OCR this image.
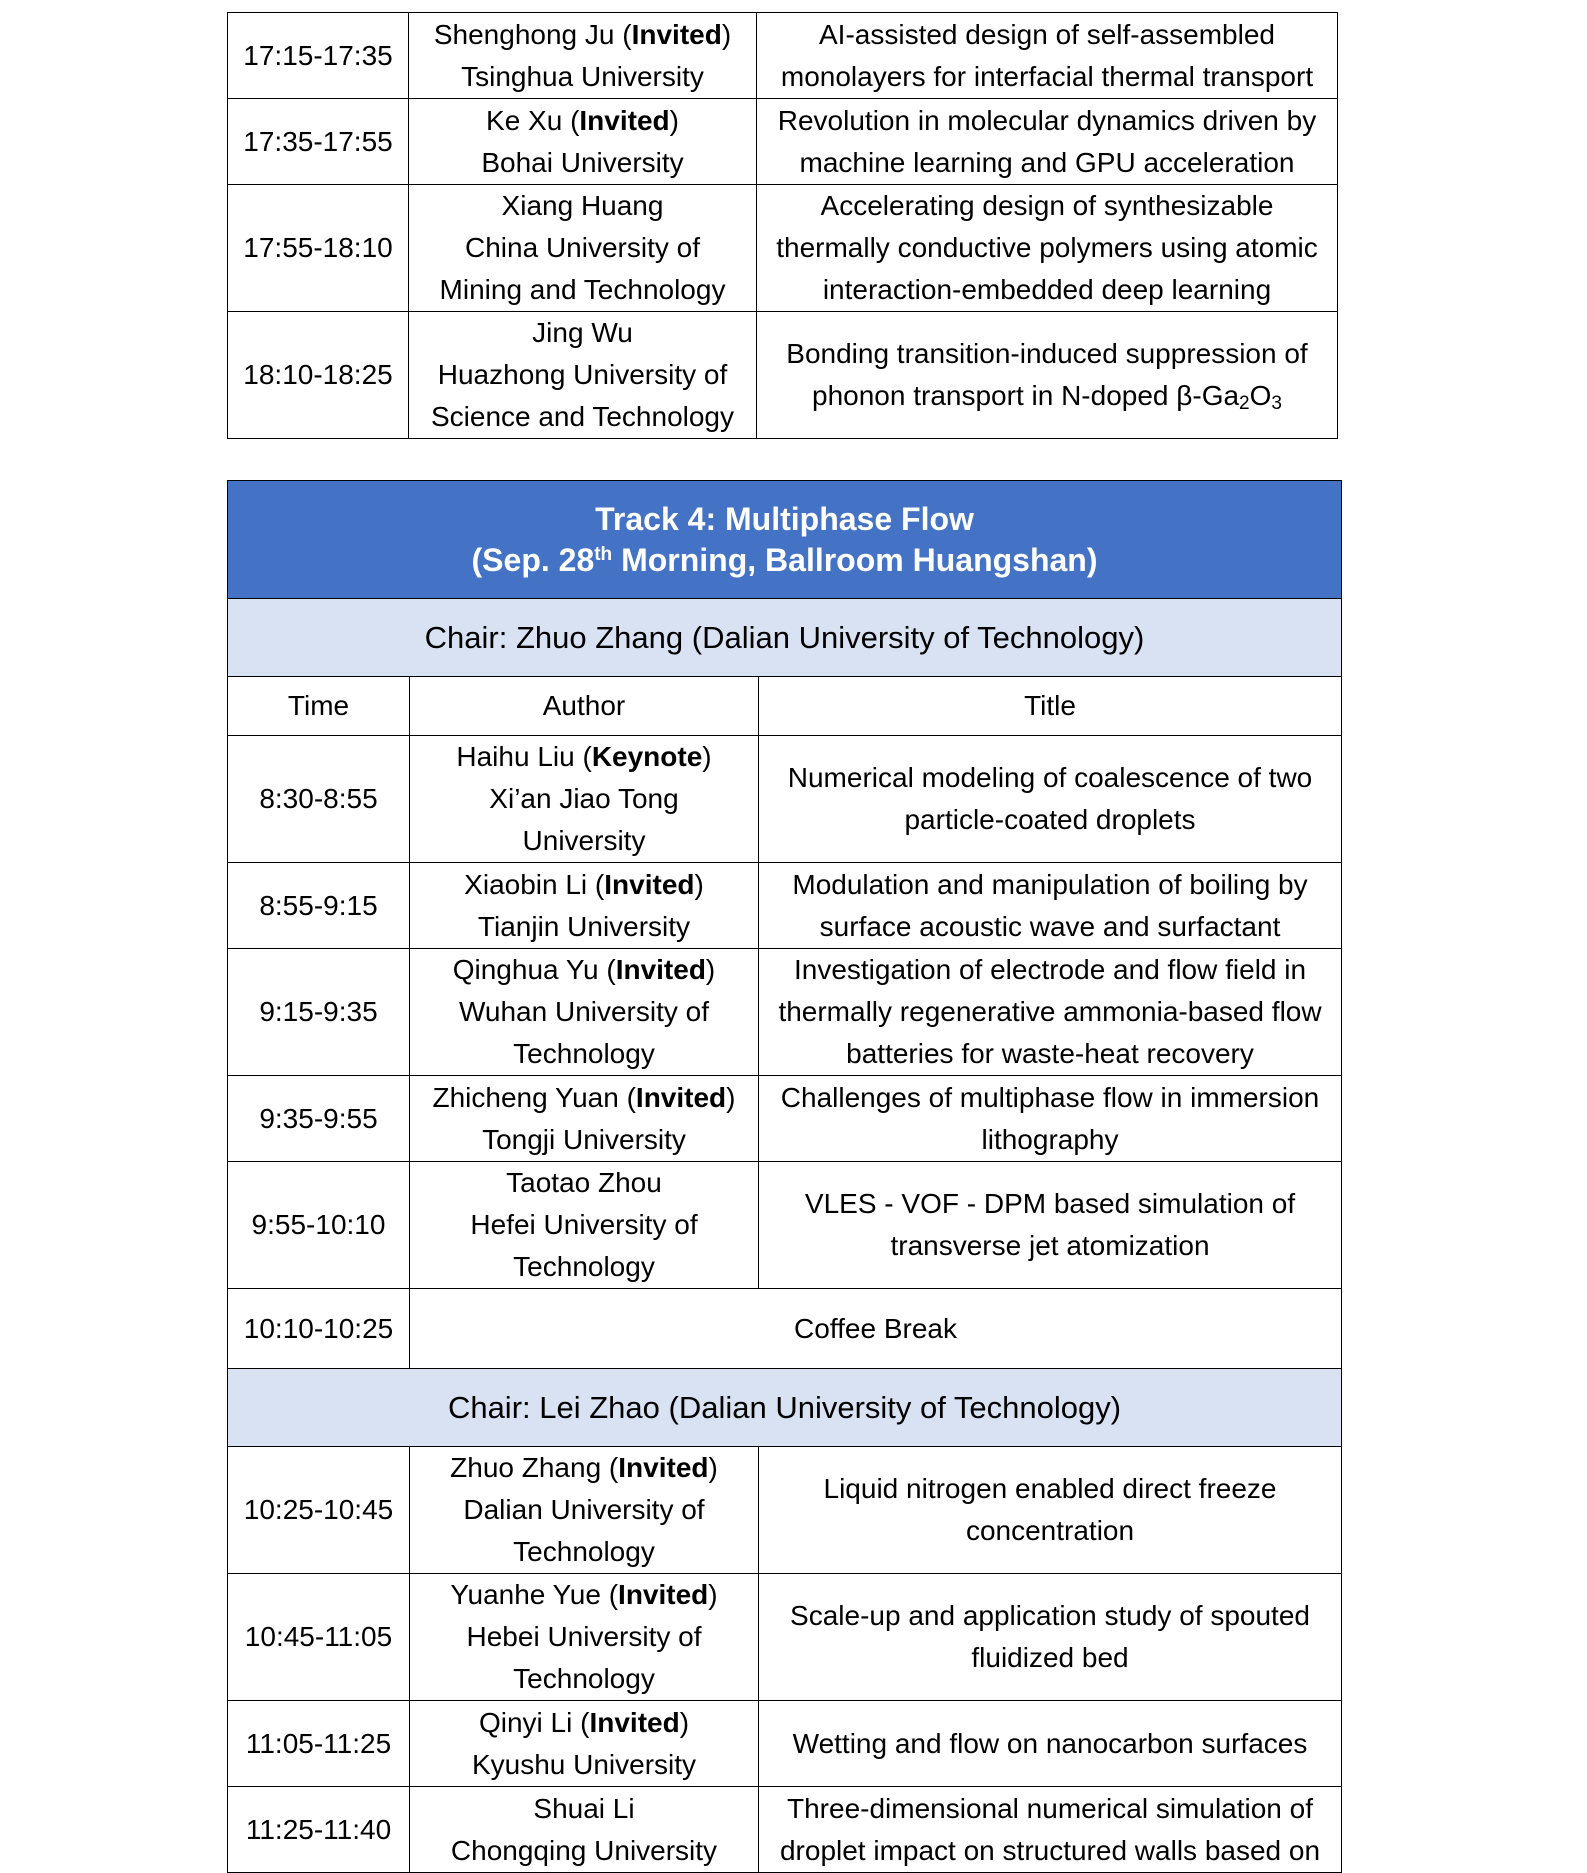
17:15-17:35	Shenghong Ju (Invited)
Tsinghua University	AI-assisted design of self-assembled
monolayers for interfacial thermal transport

17:35-17:55	Ke Xu (Invited)
Bohai University	Revolution in molecular dynamics driven by
machine learning and GPU acceleration

17:55-18:10	Xiang Huang
China University of
Mining and Technology	Accelerating design of synthesizable
thermally conductive polymers using atomic
interaction-embedded deep learning

18:10-18:25	Jing Wu
Huazhong University of
Science and Technology	Bonding transition-induced suppression of
phonon transport in N-doped $\beta-Ga_2O_3$
Track 4: Multiphase Flow
(Sep. 28th Morning, Ballroom Huangshan)		

Chair: Zhuo Zhang (Dalian University of Technology)		
Time	Author	Title
8:30-8:55	Haihu Liu (Keynote)
Xi’an Jiao Tong
University	Numerical modeling of coalescence of two
particle-coated droplets

8:55-9:15	Xiaobin Li (Invited)
Tianjin University	Modulation and manipulation of boiling by
surface acoustic wave and surfactant

9:15-9:35	Qinghua Yu (Invited)
Wuhan University of
Technology	Investigation of electrode and flow field in
thermally regenerative ammonia-based flow
batteries for waste-heat recovery

9:35-9:55	Zhicheng Yuan (Invited)
Tongji University	Challenges of multiphase flow in immersion
lithography

9:55-10:10	Taotao Zhou
Hefei University of
Technology	VLES - VOF - DPM based simulation of
transverse jet atomization

10:10-10:25	Coffee Break	
Chair: Lei Zhao (Dalian University of Technology)		
10:25-10:45	Zhuo Zhang (Invited)
Dalian University of
Technology	Liquid nitrogen enabled direct freeze
concentration

10:45-11:05	Yuanhe Yue (Invited)
Hebei University of
Technology	Scale-up and application study of spouted
fluidized bed

11:05-11:25	Qinyi Li (Invited)
Kyushu University	Wetting and flow on nanocarbon surfaces

11:25-11:40	Shuai Li
Chongqing University	Three-dimensional numerical simulation of
droplet impact on structured walls based on
